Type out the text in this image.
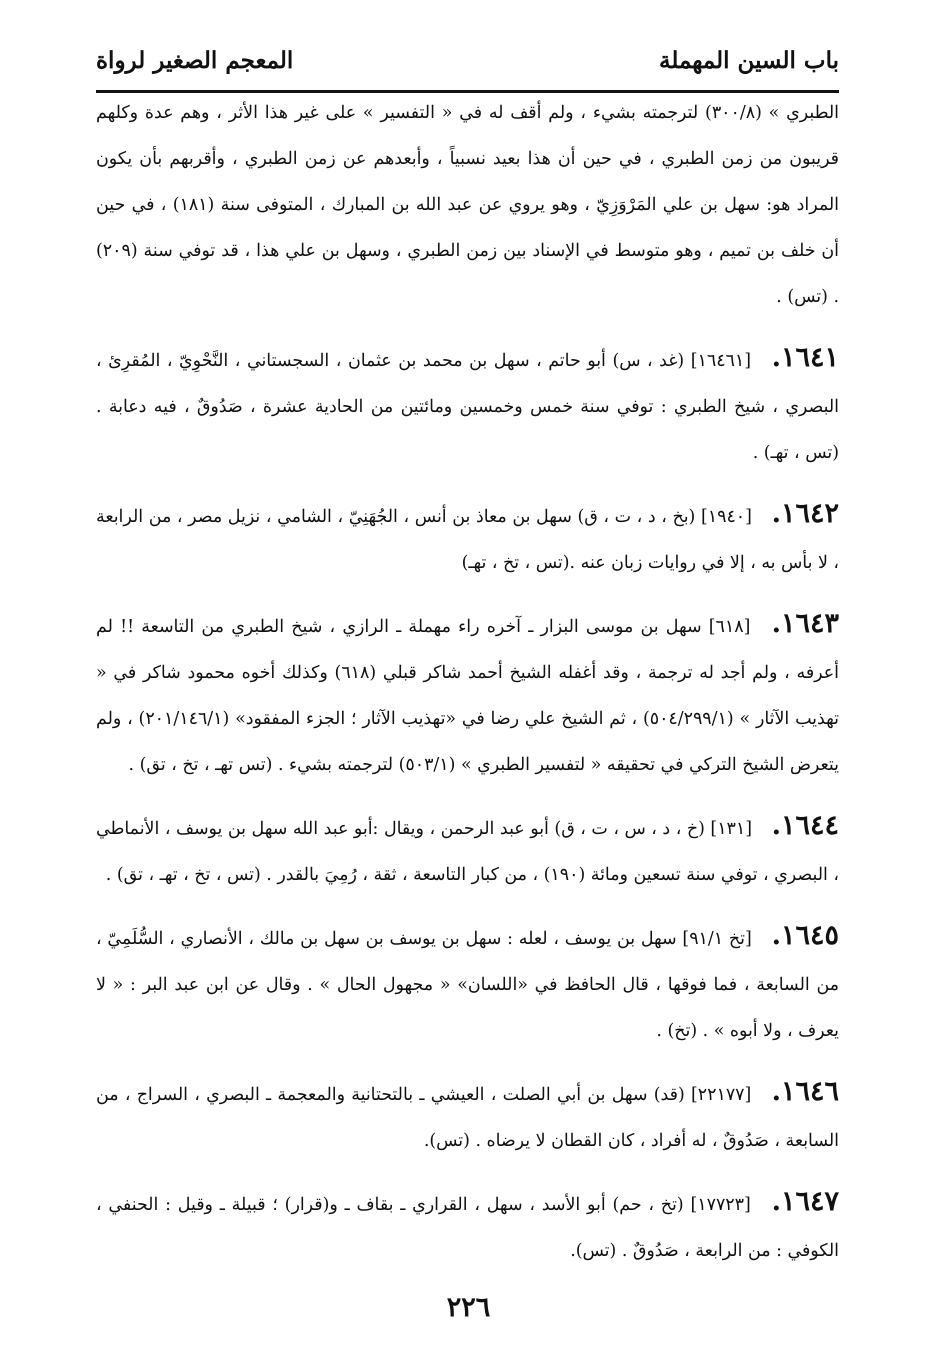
باب السين المهملة
المعجم الصغير لرواة

الطبري » (٣٠٠/٨) لترجمته بشيء ، ولم أقف له في « التفسير » على غير هذا الأثر ، وهم عدة وكلهم قريبون من زمن الطبري ، في حين أن هذا بعيد نسبياً ، وأبعدهم عن زمن الطبري ، وأقربهم بأن يكون المراد هو: سهل بن علي المَرْوَزِيّ ، وهو يروي عن عبد الله بن المبارك ، المتوفى سنة (١٨١) ، في حين أن خلف بن تميم ، وهو متوسط في الإسناد بين زمن الطبري ، وسهل بن علي هذا ، قد توفي سنة (٢٠٩) . (تس) .

١٦٤١. [١٦٤٦١] (غد ، س) أبو حاتم ، سهل بن محمد بن عثمان ، السجستاني ، النَّحْوِيّ ، المُقرِئ ، البصري ، شيخ الطبري : توفي سنة خمس وخمسين ومائتين من الحادية عشرة ، صَدُوقٌ ، فيه دعابة . (تس ، تهـ) .

١٦٤٢. [١٩٤٠] (بخ ، د ، ت ، ق) سهل بن معاذ بن أنس ، الجُهَنِيّ ، الشامي ، نزيل مصر ، من الرابعة ، لا بأس به ، إلا في روايات زبان عنه .(تس ، تخ ، تهـ)

١٦٤٣. [٦١٨] سهل بن موسى البزار ـ آخره راء مهملة ـ الرازي ، شيخ الطبري من التاسعة !! لم أعرفه ، ولم أجد له ترجمة ، وقد أغفله الشيخ أحمد شاكر قبلي (٦١٨) وكذلك أخوه محمود شاكر في « تهذيب الآثار » (٥٠٤/٢٩٩/١) ، ثم الشيخ علي رضا في «تهذيب الآثار ؛ الجزء المفقود» (٢٠١/١٤٦/١) ، ولم يتعرض الشيخ التركي في تحقيقه « لتفسير الطبري » (٥٠٣/١) لترجمته بشيء . (تس تهـ ، تخ ، تق) .

١٦٤٤. [١٣١] (خ ، د ، س ، ت ، ق) أبو عبد الرحمن ، ويقال :أبو عبد الله سهل بن يوسف ، الأنماطي ، البصري ، توفي سنة تسعين ومائة (١٩٠) ، من كبار التاسعة ، ثقة ، رُمِيَ بالقدر . (تس ، تخ ، تهـ ، تق) .

١٦٤٥. [تخ ٩١/١] سهل بن يوسف ، لعله : سهل بن يوسف بن سهل بن مالك ، الأنصاري ، السُّلَمِيّ ، من السابعة ، فما فوقها ، قال الحافظ في «اللسان» « مجهول الحال » . وقال عن ابن عبد البر : « لا يعرف ، ولا أبوه » . (تخ) .

١٦٤٦. [٢٢١٧٧] (قد) سهل بن أبي الصلت ، العيشي ـ بالتحتانية والمعجمة ـ البصري ، السراج ، من السابعة ، صَدُوقٌ ، له أفراد ، كان القطان لا يرضاه . (تس).

١٦٤٧. [١٧٧٢٣] (تخ ، حم) أبو الأسد ، سهل ، القراري ـ بقاف ـ و(قرار) ؛ قبيلة ـ وقيل : الحنفي ، الكوفي : من الرابعة ، صَدُوقٌ . (تس).

٢٢٦
